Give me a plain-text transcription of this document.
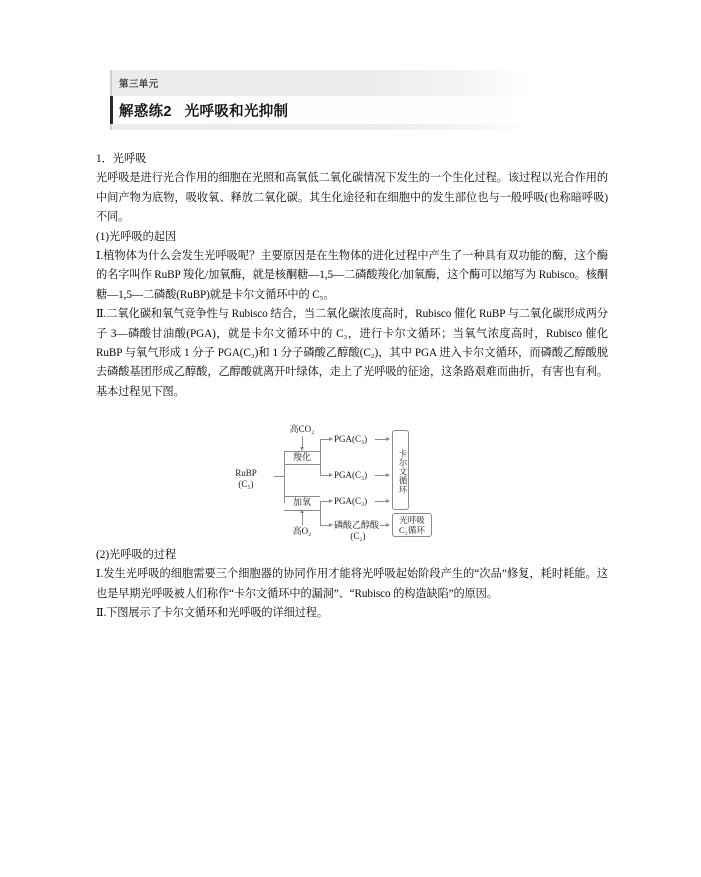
第三单元
解惑练2   光呼吸和光抑制

1．光呼吸

光呼吸是进行光合作用的细胞在光照和高氧低二氧化碳情况下发生的一个生化过程。该过程以光合作用的中间产物为底物，吸收氧、释放二氧化碳。其生化途径和在细胞中的发生部位也与一般呼吸(也称暗呼吸)不同。

(1)光呼吸的起因

Ⅰ.植物体为什么会发生光呼吸呢？主要原因是在生物体的进化过程中产生了一种具有双功能的酶，这个酶的名字叫作 RuBP 羧化/加氧酶，就是核酮糖—1,5—二磷酸羧化/加氧酶，这个酶可以缩写为 Rubisco。核酮糖—1,5—二磷酸(RuBP)就是卡尔文循环中的 C₅。

Ⅱ.二氧化碳和氧气竞争性与 Rubisco 结合，当二氧化碳浓度高时，Rubisco 催化 RuBP 与二氧化碳形成两分子 3—磷酸甘油酸(PGA)，就是卡尔文循环中的 C₃，进行卡尔文循环；当氧气浓度高时，Rubisco 催化 RuBP 与氧气形成 1 分子 PGA(C₃)和 1 分子磷酸乙醇酸(C₂)，其中 PGA 进入卡尔文循环，而磷酸乙醇酸脱去磷酸基团形成乙醇酸，乙醇酸就离开叶绿体，走上了光呼吸的征途，这条路艰难而曲折，有害也有利。基本过程见下图。

高CO₂
羧化
RuBP
(C₅)
PGA(C₃)
PGA(C₃)
PGA(C₃)
加氧
高O₂
磷酸乙醇酸
(C₂)
卡尔文循环
光呼吸
C₂循环

(2)光呼吸的过程

Ⅰ.发生光呼吸的细胞需要三个细胞器的协同作用才能将光呼吸起始阶段产生的“次品”修复，耗时耗能。这也是早期光呼吸被人们称作“卡尔文循环中的漏洞”、“Rubisco 的构造缺陷”的原因。

Ⅱ.下图展示了卡尔文循环和光呼吸的详细过程。
